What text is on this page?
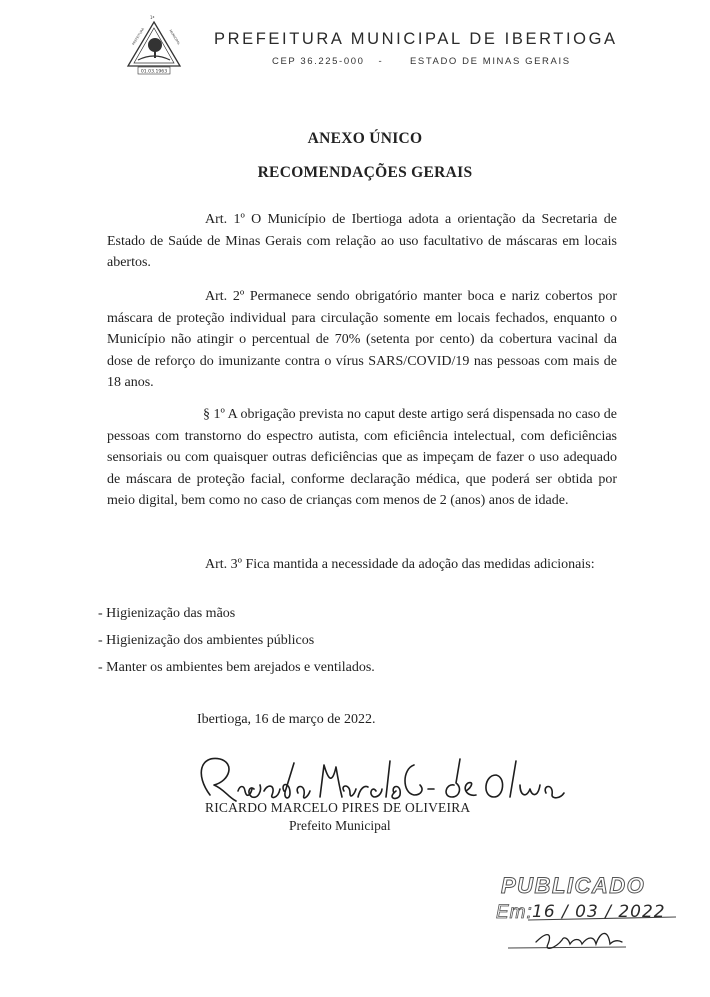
1ª
PREFEITURA	MUNICIPAL
01.03.1963
PREFEITURA MUNICIPAL DE IBERTIOGA
CEP 36.225-000 -	ESTADO DE MINAS GERAIS
ANEXO ÚNICO
RECOMENDAÇÕES GERAIS
Art. 1º O Município de Ibertioga adota a orientação da Secretaria de Estado de Saúde de Minas Gerais com relação ao uso facultativo de máscaras em locais abertos.
Art. 2º Permanece sendo obrigatório manter boca e nariz cobertos por máscara de proteção individual para circulação somente em locais fechados, enquanto o Município não atingir o percentual de 70% (setenta por cento) da cobertura vacinal da dose de reforço do imunizante contra o vírus SARS/COVID/19 nas pessoas com mais de 18 anos.
§ 1º A obrigação prevista no caput deste artigo será dispensada no caso de pessoas com transtorno do espectro autista, com eficiência intelectual, com deficiências sensoriais ou com quaisquer outras deficiências que as impeçam de fazer o uso adequado de máscara de proteção facial, conforme declaração médica, que poderá ser obtida por meio digital, bem como no caso de crianças com menos de 2 (anos) anos de idade.
Art. 3º Fica mantida a necessidade da adoção das medidas adicionais:
- Higienização das mãos
- Higienização dos ambientes públicos
- Manter os ambientes bem arejados e ventilados.
Ibertioga, 16 de março de 2022.
RICARDO MARCELO PIRES DE OLIVEIRA
Prefeito Municipal
PUBLICADO
Em: 16 / 03 / 2022
